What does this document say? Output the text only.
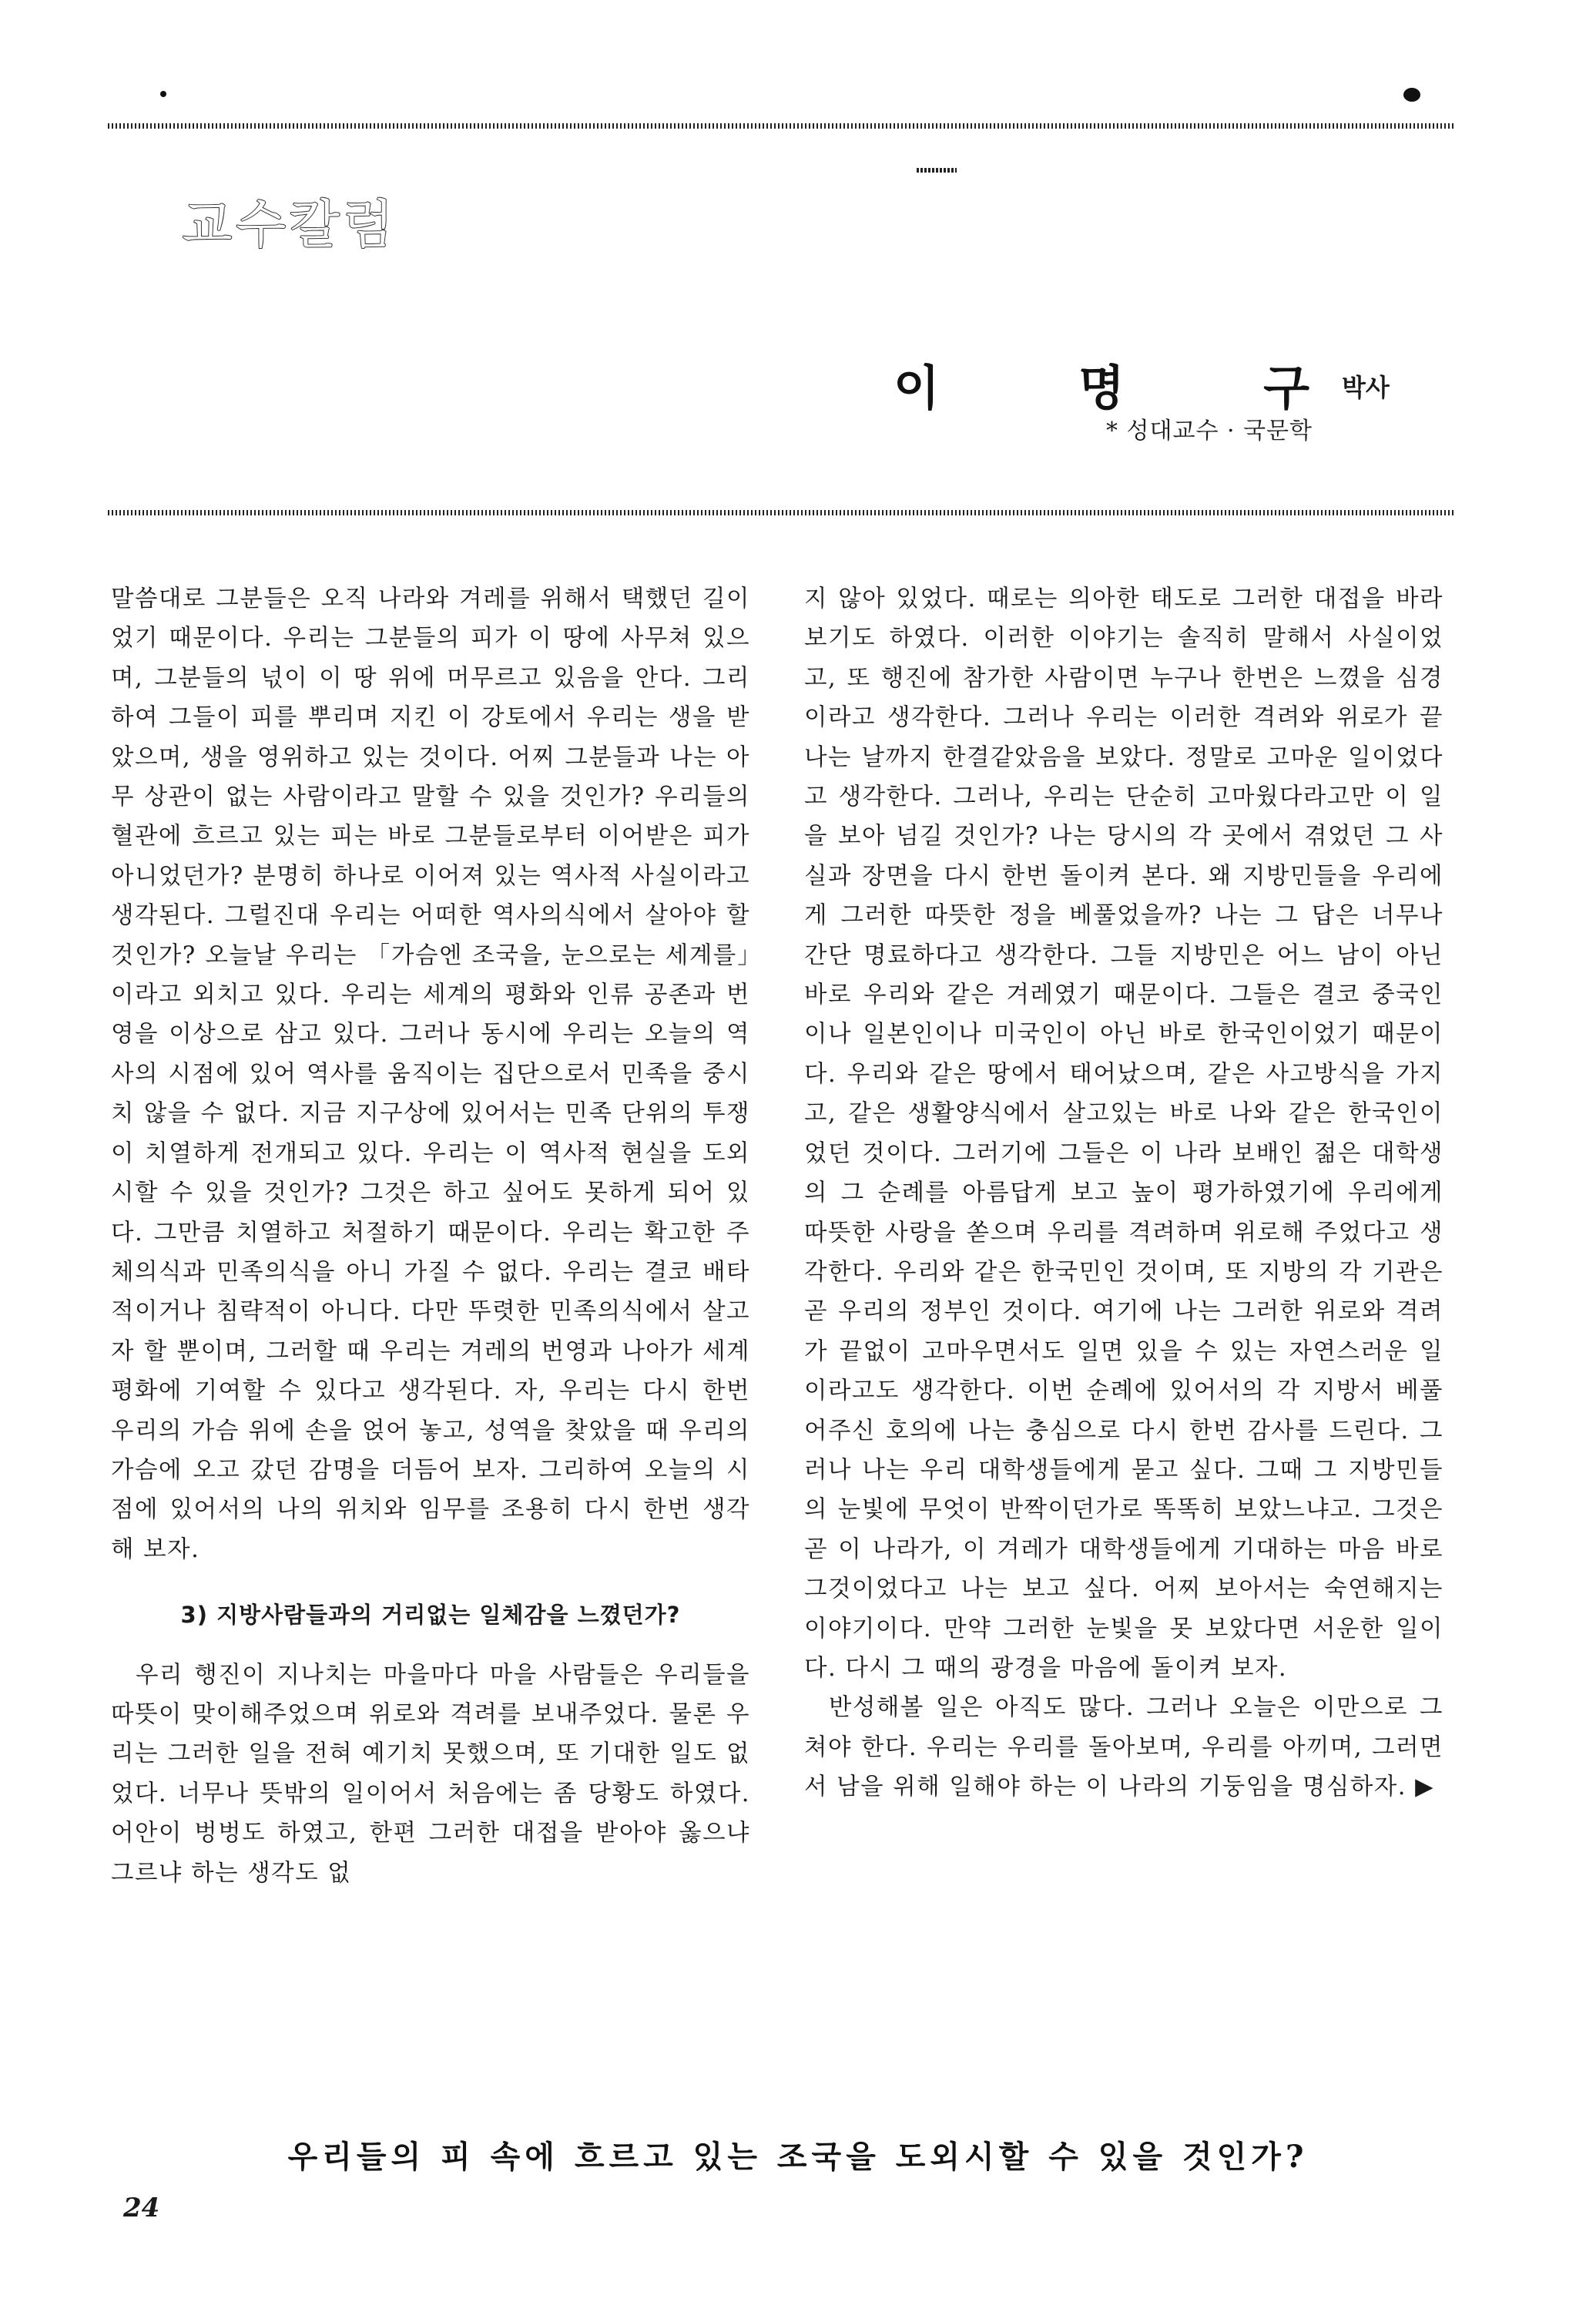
교수칼럼
이	명	구 박사
* 성대교수 · 국문학

말씀대로 그분들은 오직 나라와 겨레를 위해서 택했던 길이었기 때문이다. 우리는 그분들의 피가 이 땅에 사무쳐 있으며, 그분들의 넋이 이 땅 위에 머무르고 있음을 안다. 그리하여 그들이 피를 뿌리며 지킨 이 강토에서 우리는 생을 받았으며, 생을 영위하고 있는 것이다. 어찌 그분들과 나는 아무 상관이 없는 사람이라고 말할 수 있을 것인가? 우리들의 혈관에 흐르고 있는 피는 바로 그분들로부터 이어받은 피가 아니었던가? 분명히 하나로 이어져 있는 역사적 사실이라고 생각된다. 그럴진대 우리는 어떠한 역사의식에서 살아야 할 것인가? 오늘날 우리는 「가슴엔 조국을, 눈으로는 세계를」이라고 외치고 있다. 우리는 세계의 평화와 인류 공존과 번영을 이상으로 삼고 있다. 그러나 동시에 우리는 오늘의 역사의 시점에 있어 역사를 움직이는 집단으로서 민족을 중시치 않을 수 없다. 지금 지구상에 있어서는 민족 단위의 투쟁이 치열하게 전개되고 있다. 우리는 이 역사적 현실을 도외시할 수 있을 것인가? 그것은 하고 싶어도 못하게 되어 있다. 그만큼 치열하고 처절하기 때문이다. 우리는 확고한 주체의식과 민족의식을 아니 가질 수 없다. 우리는 결코 배타적이거나 침략적이 아니다. 다만 뚜렷한 민족의식에서 살고자 할 뿐이며, 그러할 때 우리는 겨레의 번영과 나아가 세계 평화에 기여할 수 있다고 생각된다. 자, 우리는 다시 한번 우리의 가슴 위에 손을 얹어 놓고, 성역을 찾았을 때 우리의 가슴에 오고 갔던 감명을 더듬어 보자. 그리하여 오늘의 시점에 있어서의 나의 위치와 임무를 조용히 다시 한번 생각해 보자.

3) 지방사람들과의 거리없는 일체감을 느꼈던가?

우리 행진이 지나치는 마을마다 마을 사람들은 우리들을 따뜻이 맞이해주었으며 위로와 격려를 보내주었다. 물론 우리는 그러한 일을 전혀 예기치 못했으며, 또 기대한 일도 없었다. 너무나 뜻밖의 일이어서 처음에는 좀 당황도 하였다. 어안이 벙벙도 하였고, 한편 그러한 대접을 받아야 옳으냐 그르냐 하는 생각도 없

지 않아 있었다. 때로는 의아한 태도로 그러한 대접을 바라보기도 하였다. 이러한 이야기는 솔직히 말해서 사실이었고, 또 행진에 참가한 사람이면 누구나 한번은 느꼈을 심경이라고 생각한다. 그러나 우리는 이러한 격려와 위로가 끝나는 날까지 한결같았음을 보았다. 정말로 고마운 일이었다고 생각한다. 그러나, 우리는 단순히 고마웠다라고만 이 일을 보아 넘길 것인가? 나는 당시의 각 곳에서 겪었던 그 사실과 장면을 다시 한번 돌이켜 본다. 왜 지방민들을 우리에게 그러한 따뜻한 정을 베풀었을까? 나는 그 답은 너무나 간단 명료하다고 생각한다. 그들 지방민은 어느 남이 아닌 바로 우리와 같은 겨레였기 때문이다. 그들은 결코 중국인이나 일본인이나 미국인이 아닌 바로 한국인이었기 때문이다. 우리와 같은 땅에서 태어났으며, 같은 사고방식을 가지고, 같은 생활양식에서 살고있는 바로 나와 같은 한국인이었던 것이다. 그러기에 그들은 이 나라 보배인 젊은 대학생의 그 순례를 아름답게 보고 높이 평가하였기에 우리에게 따뜻한 사랑을 쏟으며 우리를 격려하며 위로해 주었다고 생각한다. 우리와 같은 한국민인 것이며, 또 지방의 각 기관은 곧 우리의 정부인 것이다. 여기에 나는 그러한 위로와 격려가 끝없이 고마우면서도 일면 있을 수 있는 자연스러운 일이라고도 생각한다. 이번 순례에 있어서의 각 지방서 베풀어주신 호의에 나는 충심으로 다시 한번 감사를 드린다. 그러나 나는 우리 대학생들에게 묻고 싶다. 그때 그 지방민들의 눈빛에 무엇이 반짝이던가로 똑똑히 보았느냐고. 그것은 곧 이 나라가, 이 겨레가 대학생들에게 기대하는 마음 바로 그것이었다고 나는 보고 싶다. 어찌 보아서는 숙연해지는 이야기이다. 만약 그러한 눈빛을 못 보았다면 서운한 일이다. 다시 그 때의 광경을 마음에 돌이켜 보자.

반성해볼 일은 아직도 많다. 그러나 오늘은 이만으로 그쳐야 한다. 우리는 우리를 돌아보며, 우리를 아끼며, 그러면서 남을 위해 일해야 하는 이 나라의 기둥임을 명심하자. ▶

우리들의 피 속에 흐르고 있는 조국을 도외시할 수 있을 것인가?
24
